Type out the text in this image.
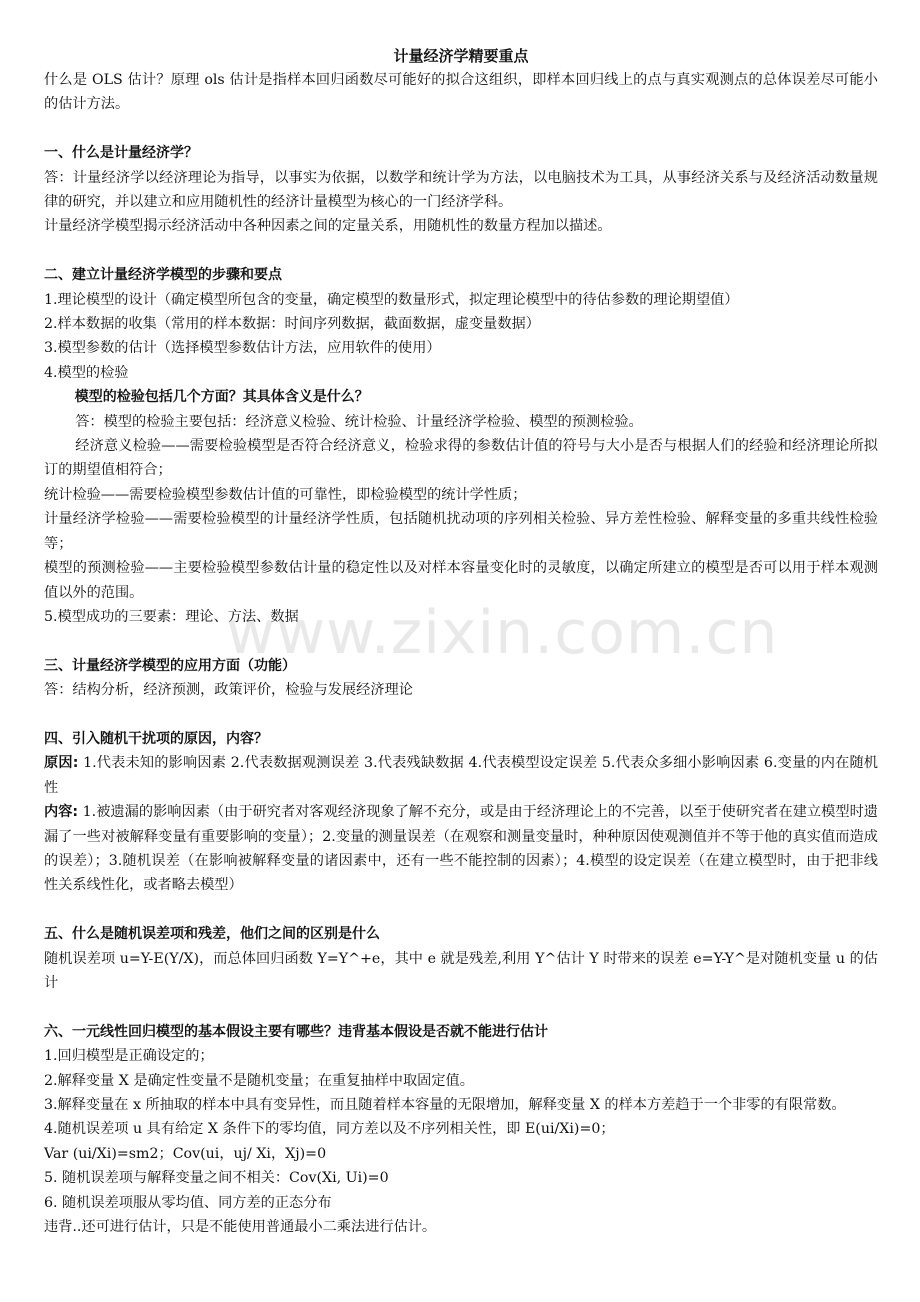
www.zixin.com.cn
计量经济学精要重点

什么是 OLS 估计？原理 ols 估计是指样本回归函数尽可能好的拟合这组织，即样本回归线上的点与真实观测点的总体误差尽可能小的估计方法。

一、什么是计量经济学？

答：计量经济学以经济理论为指导，以事实为依据，以数学和统计学为方法，以电脑技术为工具，从事经济关系与及经济活动数量规律的研究，并以建立和应用随机性的经济计量模型为核心的一门经济学科。

计量经济学模型揭示经济活动中各种因素之间的定量关系，用随机性的数量方程加以描述。

二、建立计量经济学模型的步骤和要点

1.理论模型的设计（确定模型所包含的变量，确定模型的数量形式，拟定理论模型中的待估参数的理论期望值）

2.样本数据的收集（常用的样本数据：时间序列数据，截面数据，虚变量数据）

3.模型参数的估计（选择模型参数估计方法，应用软件的使用）

4.模型的检验

模型的检验包括几个方面？其具体含义是什么？

答：模型的检验主要包括：经济意义检验、统计检验、计量经济学检验、模型的预测检验。

经济意义检验——需要检验模型是否符合经济意义，检验求得的参数估计值的符号与大小是否与根据人们的经验和经济理论所拟订的期望值相符合；

统计检验——需要检验模型参数估计值的可靠性，即检验模型的统计学性质；

计量经济学检验——需要检验模型的计量经济学性质，包括随机扰动项的序列相关检验、异方差性检验、解释变量的多重共线性检验等；

模型的预测检验——主要检验模型参数估计量的稳定性以及对样本容量变化时的灵敏度，以确定所建立的模型是否可以用于样本观测值以外的范围。

5.模型成功的三要素：理论、方法、数据

三、计量经济学模型的应用方面（功能）

答：结构分析，经济预测，政策评价，检验与发展经济理论

四、引入随机干扰项的原因，内容？

原因: 1.代表未知的影响因素 2.代表数据观测误差 3.代表残缺数据 4.代表模型设定误差 5.代表众多细小影响因素 6.变量的内在随机性

内容: 1.被遗漏的影响因素（由于研究者对客观经济现象了解不充分，或是由于经济理论上的不完善，以至于使研究者在建立模型时遗漏了一些对被解释变量有重要影响的变量）；2.变量的测量误差（在观察和测量变量时，种种原因使观测值并不等于他的真实值而造成的误差）；3.随机误差（在影响被解释变量的诸因素中，还有一些不能控制的因素）；4.模型的设定误差（在建立模型时，由于把非线性关系线性化，或者略去模型）

五、什么是随机误差项和残差，他们之间的区别是什么

随机误差项 u=Y-E(Y/X)，而总体回归函数 Y=Y^+e，其中 e 就是残差,利用 Y^估计 Y 时带来的误差 e=Y-Y^是对随机变量 u 的估计

六、一元线性回归模型的基本假设主要有哪些？违背基本假设是否就不能进行估计

1.回归模型是正确设定的；

2.解释变量 X 是确定性变量不是随机变量；在重复抽样中取固定值。

3.解释变量在 x 所抽取的样本中具有变异性，而且随着样本容量的无限增加，解释变量 X 的样本方差趋于一个非零的有限常数。

4.随机误差项 u 具有给定 X 条件下的零均值，同方差以及不序列相关性，即 E(ui/Xi)=0；

Var (ui/Xi)=sm2；Cov(ui，uj/ Xi，Xj)=0

5. 随机误差项与解释变量之间不相关：Cov(Xi, Ui)=0

6. 随机误差项服从零均值、同方差的正态分布

违背..还可进行估计，只是不能使用普通最小二乘法进行估计。
